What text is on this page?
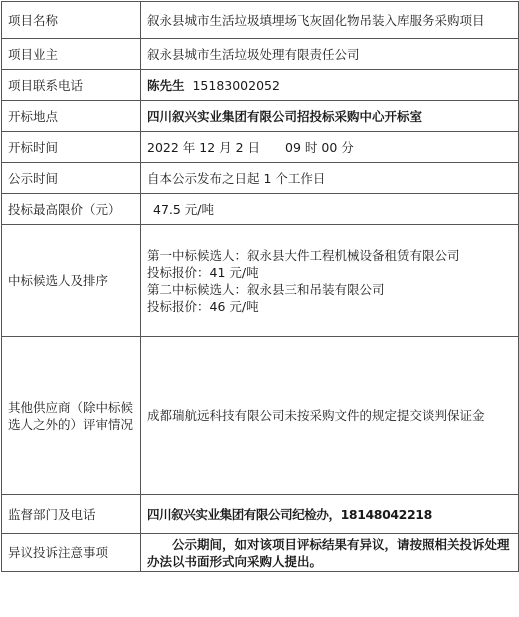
项目名称	叙永县城市生活垃圾填埋场飞灰固化物吊装入库服务采购项目
项目业主	叙永县城市生活垃圾处理有限责任公司
项目联系电话	陈先生 15183002052
开标地点	四川叙兴实业集团有限公司招投标采购中心开标室
开标时间	2022 年 12 月 2 日　　09 时 00 分
公示时间	自本公示发布之日起 1 个工作日
投标最高限价（元）	47.5 元/吨
中标候选人及排序	第一中标候选人：叙永县大件工程机械设备租赁有限公司
投标报价：41 元/吨
第二中标候选人：叙永县三和吊装有限公司
投标报价：46 元/吨

其他供应商（除中标候选人之外的）评审情况	成都瑞航远科技有限公司未按采购文件的规定提交谈判保证金
监督部门及电话	四川叙兴实业集团有限公司纪检办，18148042218
异议投诉注意事项	公示期间，如对该项目评标结果有异议，请按照相关投诉处理办法以书面形式向采购人提出。
